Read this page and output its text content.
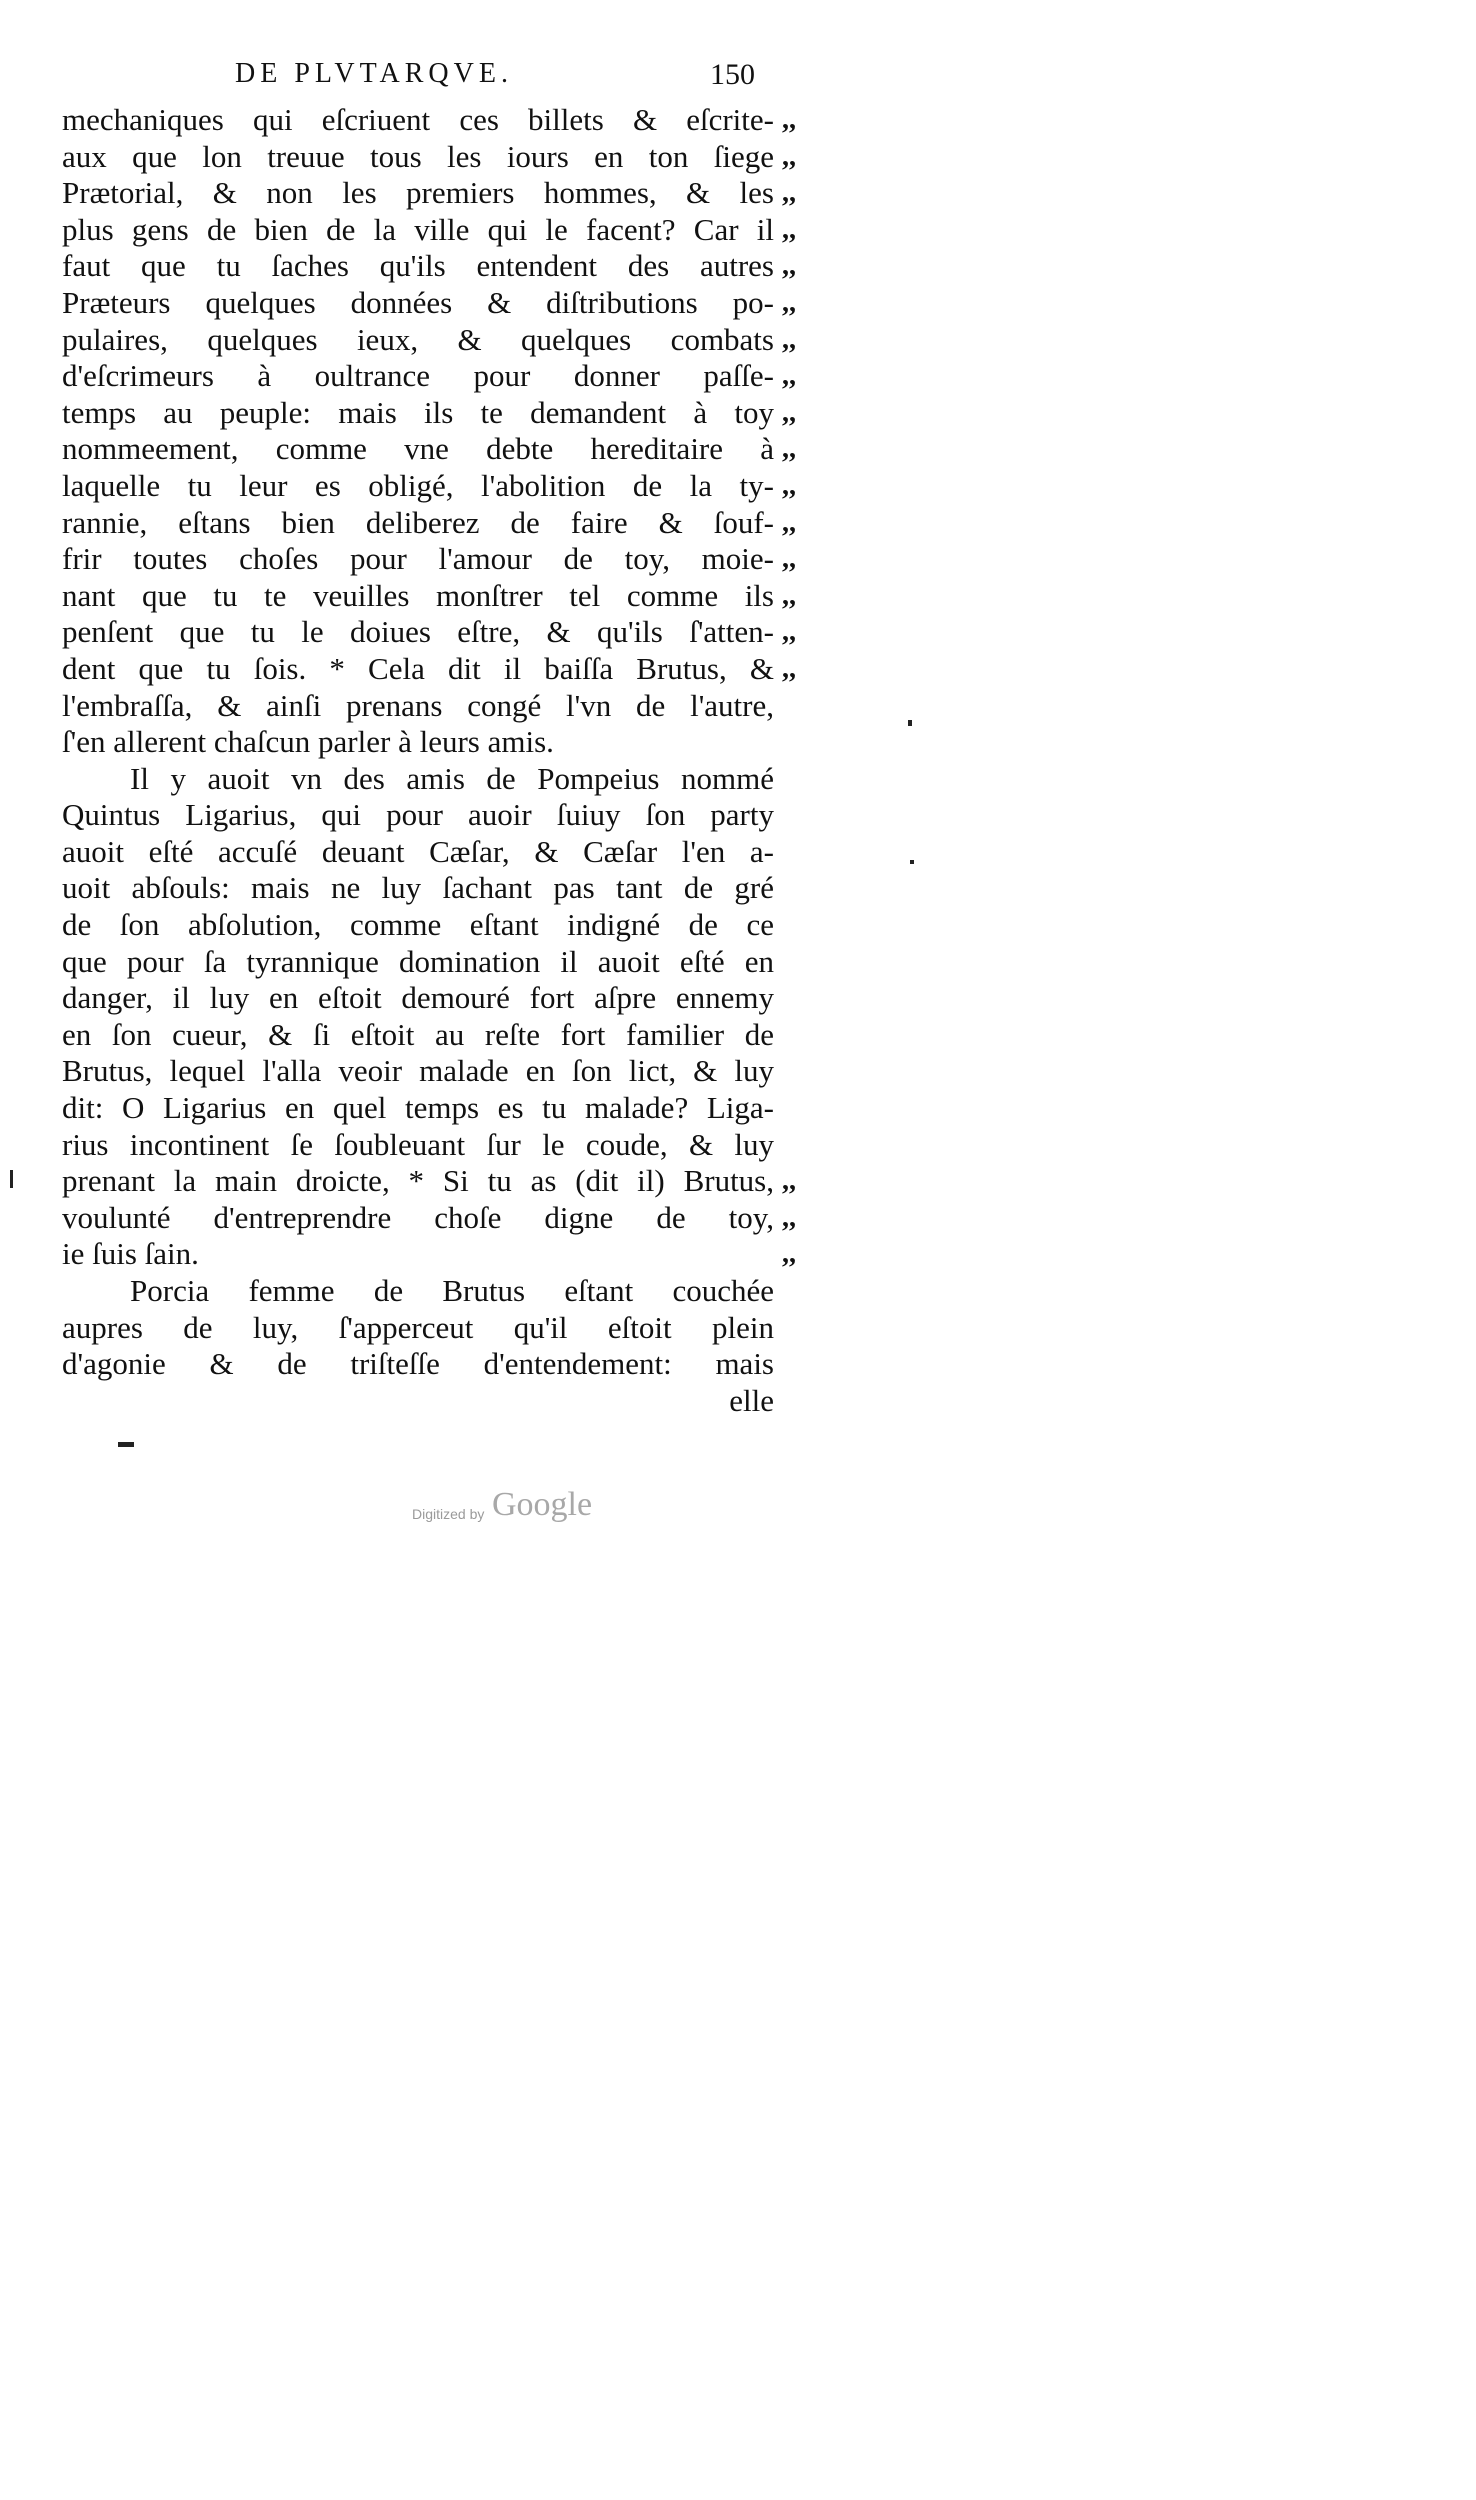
DE PLVTARQVE.	150
mechaniques qui eſcriuent ces billets & eſcrite-
aux que lon treuue tous les iours en ton ſiege
Prætorial, & non les premiers hommes, & les
plus gens de bien de la ville qui le facent? Car il
faut que tu ſaches qu'ils entendent des autres
Præteurs quelques données & diſtributions po-
pulaires, quelques ieux, & quelques combats
d'eſcrimeurs à oultrance pour donner paſſe-
temps au peuple: mais ils te demandent à toy
nommeement, comme vne debte hereditaire à
laquelle tu leur es obligé, l'abolition de la ty-
rannie, eſtans bien deliberez de faire & ſouf-
frir toutes choſes pour l'amour de toy, moie-
nant que tu te veuilles monſtrer tel comme ils
penſent que tu le doiues eſtre, & qu'ils ſ'atten-
dent que tu ſois. * Cela dit il baiſſa Brutus, &
l'embraſſa, & ainſi prenans congé l'vn de l'autre,
ſ'en allerent chaſcun parler à leurs amis.
Il y auoit vn des amis de Pompeius nommé
Quintus Ligarius, qui pour auoir ſuiuy ſon party
auoit eſté accuſé deuant Cæſar, & Cæſar l'en a-
uoit abſouls: mais ne luy ſachant pas tant de gré
de ſon abſolution, comme eſtant indigné de ce
que pour ſa tyrannique domination il auoit eſté en
danger, il luy en eſtoit demouré fort aſpre ennemy
en ſon cueur, & ſi eſtoit au reſte fort familier de
Brutus, lequel l'alla veoir malade en ſon lict, & luy
dit: O Ligarius en quel temps es tu malade? Liga-
rius incontinent ſe ſoubleuant ſur le coude, & luy
prenant la main droicte, * Si tu as (dit il) Brutus,
voulunté d'entreprendre choſe digne de toy,
ie ſuis ſain.
Porcia femme de Brutus eſtant couchée
aupres de luy, ſ'apperceut qu'il eſtoit plein
d'agonie & de triſteſſe d'entendement: mais
elle
,,
,,
,,
,,
,,
,,
,,
,,
,,
,,
,,
,,
,,
,,
,,
,,
,,
,,
,,
Digitized by Google
